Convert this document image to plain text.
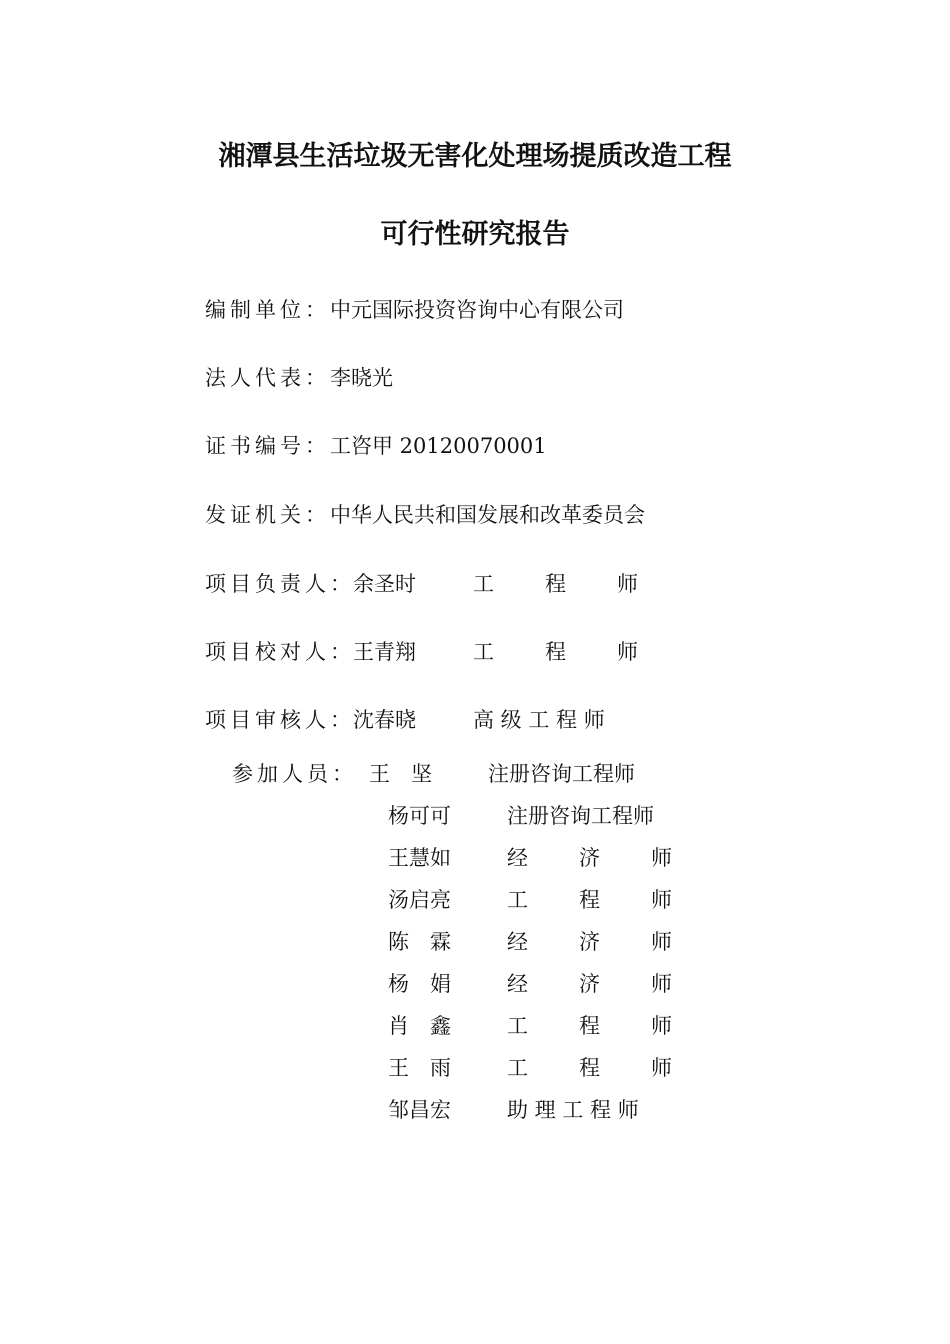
湘潭县生活垃圾无害化处理场提质改造工程
可行性研究报告
编制单位：中元国际投资咨询中心有限公司
法人代表：李晓光
证书编号：工咨甲 20120070001
发证机关：中华人民共和国发展和改革委员会
项目负责人：
余圣时	工 程 师
项目校对人：
王青翔	工 程 师
项目审核人：
沈春晓	高 级 工 程 师
参加人员： 王　坚	注册咨询工程师
杨可可	注册咨询工程师
王慧如	经 济 师
汤启亮	工 程 师
陈　霖	经 济 师
杨　娟	经 济 师
肖　鑫	工 程 师
王　雨	工 程 师
邹昌宏	助 理 工 程 师
